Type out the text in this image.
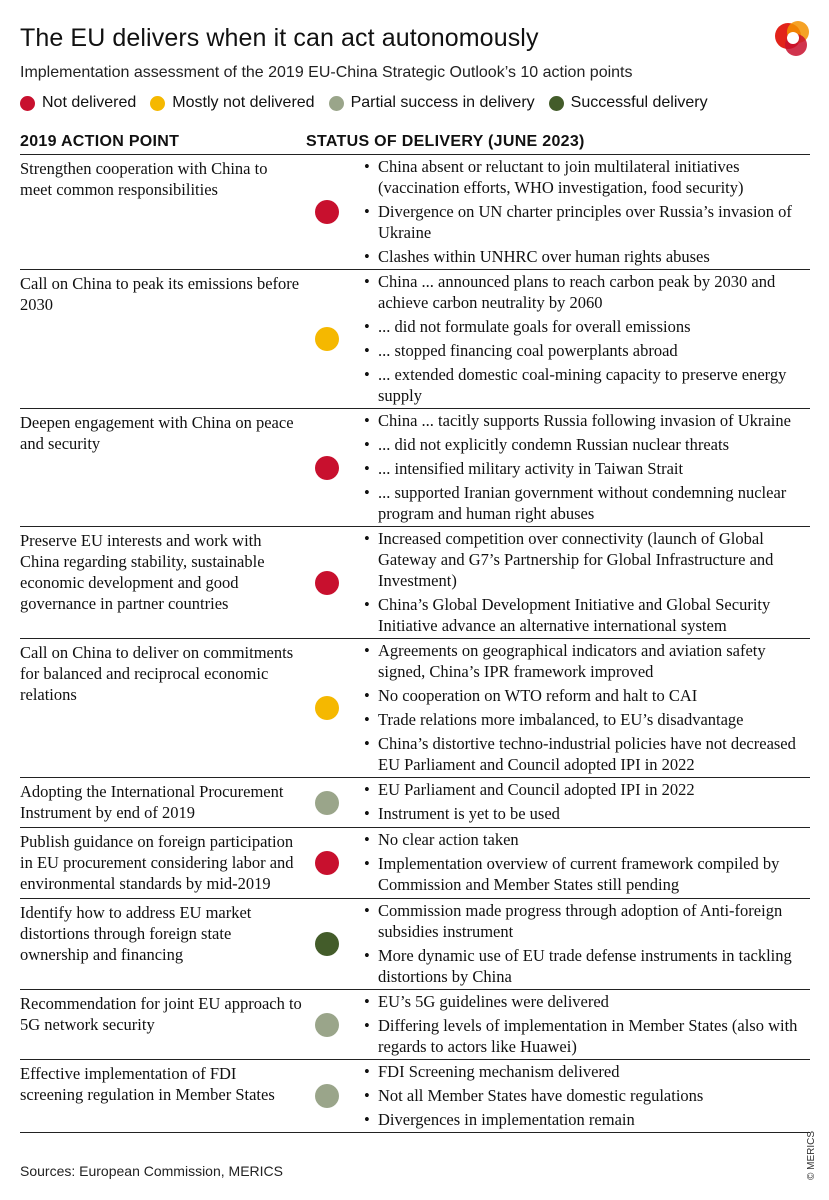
The EU delivers when it can act autonomously
Implementation assessment of the 2019 EU-China Strategic Outlook’s 10 action points
Not delivered Mostly not delivered Partial success in delivery Successful delivery
2019 ACTION POINT	STATUS OF DELIVERY (JUNE 2023)
Strengthen cooperation with China to meet common responsibilities
• China absent or reluctant to join multilateral initiatives (vaccination efforts, WHO investigation, food security)
• Divergence on UN charter principles over Russia’s invasion of Ukraine
• Clashes within UNHRC over human rights abuses
Call on China to peak its emissions before 2030
• China ... announced plans to reach carbon peak by 2030 and achieve carbon neutrality by 2060
• ... did not formulate goals for overall emissions
• ... stopped financing coal powerplants abroad
• ... extended domestic coal-mining capacity to preserve energy supply
Deepen engagement with China on peace and security
• China ... tacitly supports Russia following invasion of Ukraine
• ... did not explicitly condemn Russian nuclear threats
• ... intensified military activity in Taiwan Strait
• ... supported Iranian government without condemning nuclear program and human right abuses
Preserve EU interests and work with China regarding stability, sustainable economic development and good governance in partner countries
• Increased competition over connectivity (launch of Global Gateway and G7’s Partnership for Global Infrastructure and Investment)
• China’s Global Development Initiative and Global Security Initiative advance an alternative international system
Call on China to deliver on commitments for balanced and reciprocal economic relations
• Agreements on geographical indicators and aviation safety signed, China’s IPR framework improved
• No cooperation on WTO reform and halt to CAI
• Trade relations more imbalanced, to EU’s disadvantage
• China’s distortive techno-industrial policies have not decreased EU Parliament and Council adopted IPI in 2022
Adopting the International Procurement Instrument by end of 2019
• EU Parliament and Council adopted IPI in 2022
• Instrument is yet to be used
Publish guidance on foreign participation in EU procurement considering labor and environmental standards by mid-2019
• No clear action taken
• Implementation overview of current framework compiled by Commission and Member States still pending
Identify how to address EU market distortions through foreign state ownership and financing
• Commission made progress through adoption of Anti-foreign subsidies instrument
• More dynamic use of EU trade defense instruments in tackling distortions by China
Recommendation for joint EU approach to 5G network security
• EU’s 5G guidelines were delivered
• Differing levels of implementation in Member States (also with regards to actors like Huawei)
Effective implementation of FDI screening regulation in Member States
• FDI Screening mechanism delivered
• Not all Member States have domestic regulations
• Divergences in implementation remain
Sources: European Commission, MERICS	© MERICS
